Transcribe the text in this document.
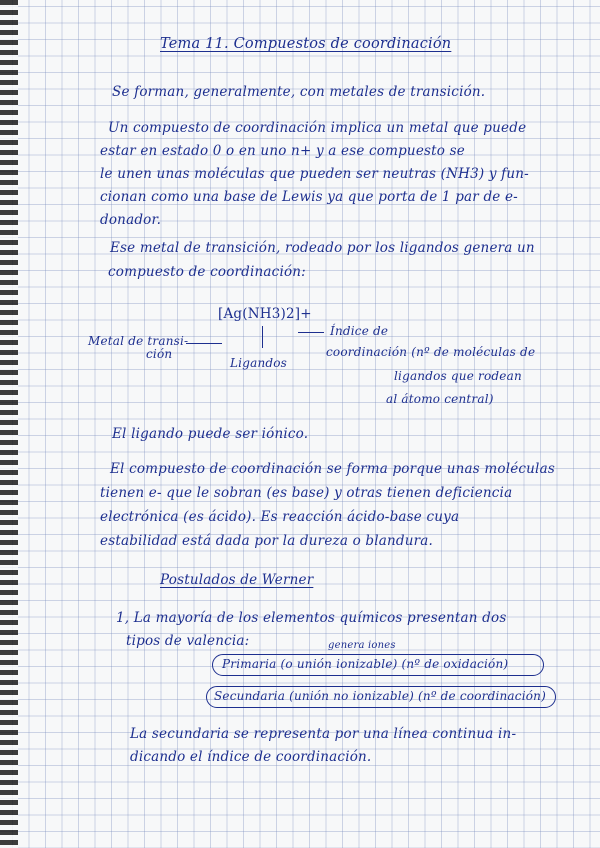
Tema 11. Compuestos de coordinación
Se forman, generalmente, con metales de transición.
Un compuesto de coordinación implica un metal que puede
estar en estado 0 o en uno n+ y a ese compuesto se
le unen unas moléculas que pueden ser neutras (NH3) y fun-
cionan como una base de Lewis ya que porta de 1 par de e-
donador.
Ese metal de transición, rodeado por los ligandos genera un
compuesto de coordinación:
[Ag(NH3)2]+
Metal de transi-
ción
Ligandos
Índice de
coordinación (nº de moléculas de
ligandos que rodean
al átomo central)
El ligando puede ser iónico.
El compuesto de coordinación se forma porque unas moléculas
tienen e- que le sobran (es base) y otras tienen deficiencia
electrónica (es ácido). Es reacción ácido-base cuya
estabilidad está dada por la dureza o blandura.
Postulados de Werner
1, La mayoría de los elementos químicos presentan dos
tipos de valencia:	genera iones
Primaria (o unión ionizable) (nº de oxidación)
Secundaria (unión no ionizable) (nº de coordinación)
La secundaria se representa por una línea continua in-
dicando el índice de coordinación.
